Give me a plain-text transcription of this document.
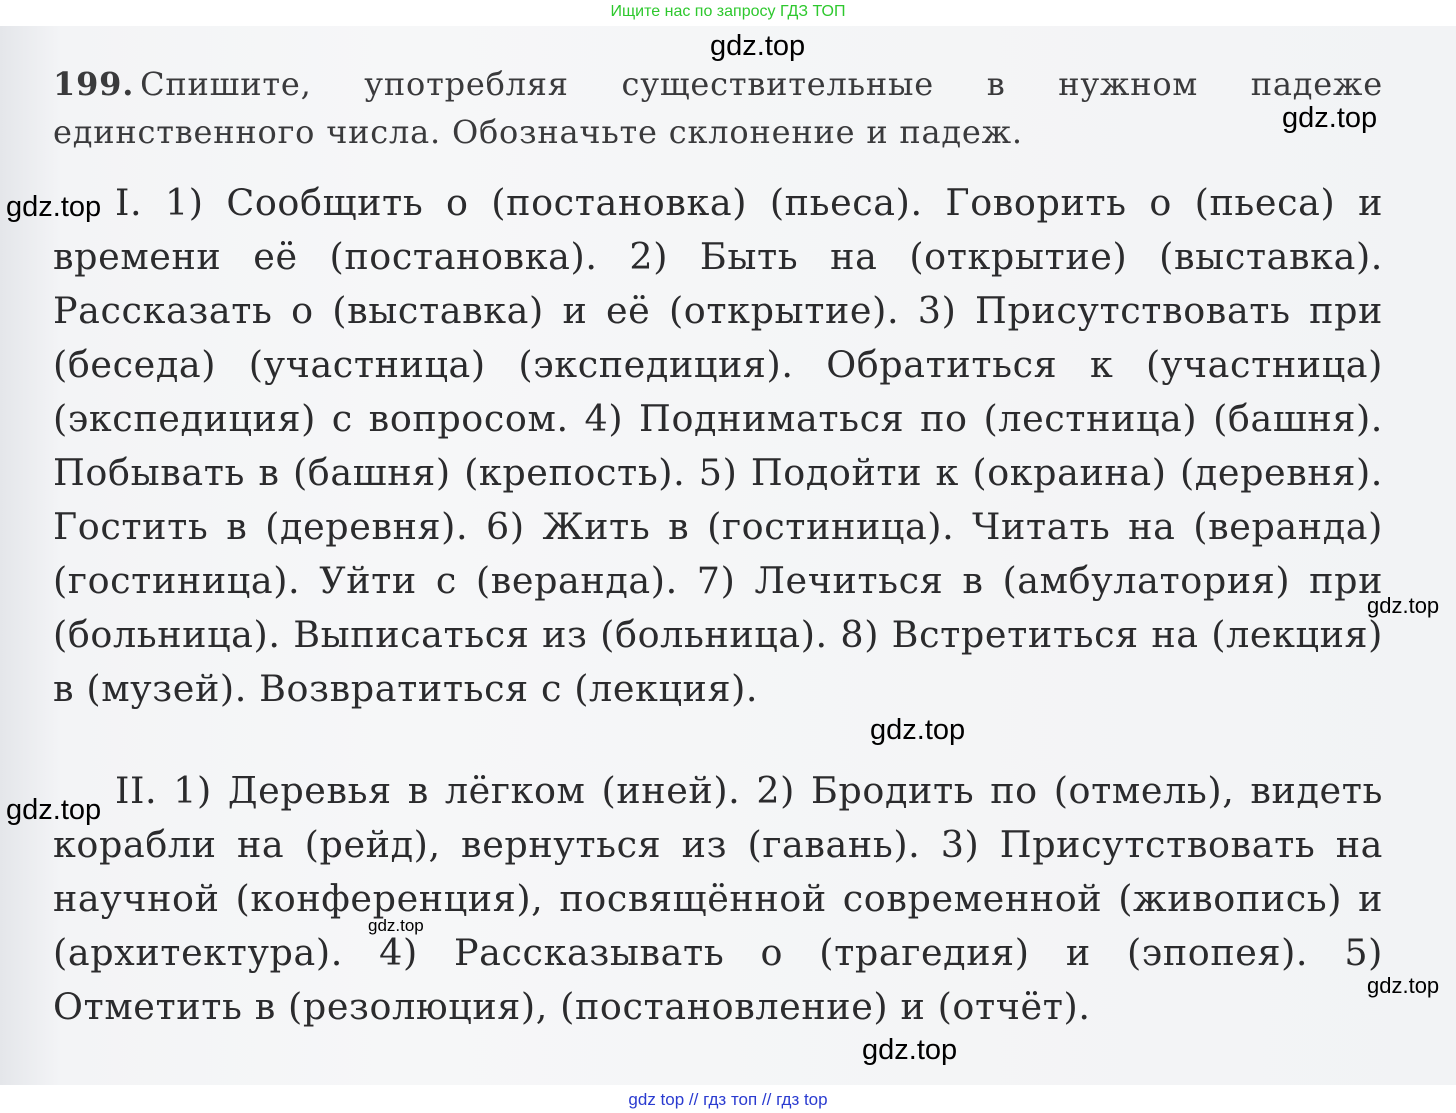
Ищите нас по запросу ГДЗ ТОП

199. Спишите, употребляя существительные в нужном падеже единственного числа. Обозначьте склонение и падеж.

I. 1) Сообщить о (постановка) (пьеса). Говорить о (пьеса) и времени её (постановка). 2) Быть на (открытие) (выставка). Рассказать о (выставка) и её (открытие). 3) Присутствовать при (беседа) (участница) (экспедиция). Обратиться к (участница) (экспедиция) с вопросом. 4) Подниматься по (лестница) (башня). Побывать в (башня) (крепость). 5) Подойти к (окраина) (деревня). Гостить в (деревня). 6) Жить в (гостиница). Читать на (веранда) (гостиница). Уйти с (веранда). 7) Лечиться в (амбулатория) при (больница). Выписаться из (больница). 8) Встретиться на (лекция) в (музей). Возвратиться с (лекция).

II. 1) Деревья в лёгком (иней). 2) Бродить по (отмель), видеть корабли на (рейд), вернуться из (гавань). 3) Присутствовать на научной (конференция), посвящённой современной (живопись) и (архитектура). 4) Рассказывать о (трагедия) и (эпопея). 5) Отметить в (резолюция), (постановление) и (отчёт).

gdz.top
gdz.top
gdz.top
gdz.top
gdz.top
gdz.top
gdz.top
gdz.top
gdz.top
gdz top // гдз топ // гдз top
